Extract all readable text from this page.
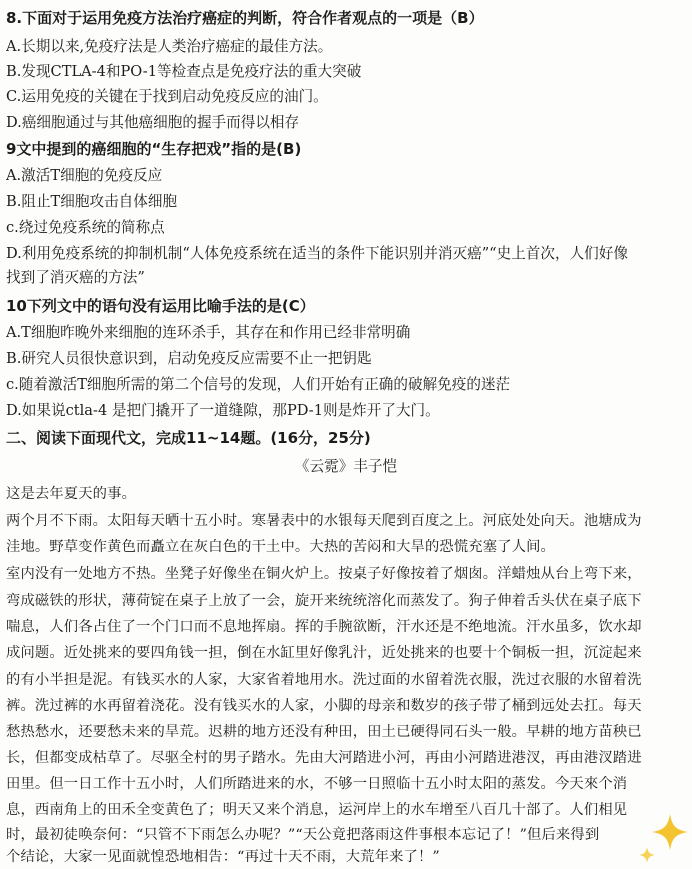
8.下面对于运用免疫方法治疗癌症的判断，符合作者观点的一项是（B）
A.长期以来,免疫疗法是人类治疗癌症的最佳方法。
B.发现CTLA-4和PO-1等检查点是免疫疗法的重大突破
C.运用免疫的关键在于找到启动免疫反应的油门。
D.癌细胞通过与其他癌细胞的握手而得以相存
9文中提到的癌细胞的“生存把戏”指的是(B)
A.激活T细胞的免疫反应
B.阻止T细胞攻击自体细胞
c.绕过免疫系统的简称点
D.利用免疫系统的抑制机制“人体免疫系统在适当的条件下能识别并消灭癌”“史上首次，人们好像
找到了消灭癌的方法”
10下列文中的语句没有运用比喻手法的是(C）
A.T细胞昨晚外来细胞的连环杀手，其存在和作用已经非常明确
B.研究人员很快意识到，启动免疫反应需要不止一把钥匙
c.随着激活T细胞所需的第二个信号的发现，人们开始有正确的破解免疫的迷茫
D.如果说ctla-4 是把门撬开了一道缝隙，那PD-1则是炸开了大门。
二、阅读下面现代文，完成11~14题。(16分，25分)
《云霓》丰子恺
这是去年夏天的事。
两个月不下雨。太阳每天晒十五小时。寒暑表中的水银每天爬到百度之上。河底处处向天。池塘成为
洼地。野草变作黄色而矗立在灰白色的干土中。大热的苦闷和大旱的恐慌充塞了人间。
室内没有一处地方不热。坐凳子好像坐在铜火炉上。按桌子好像按着了烟囱。洋蜡烛从台上弯下来，
弯成磁铁的形状，薄荷锭在桌子上放了一会，旋开来统统溶化而蒸发了。狗子伸着舌头伏在桌子底下
喘息，人们各占住了一个门口而不息地挥扇。挥的手腕欲断，汗水还是不绝地流。汗水虽多，饮水却
成问题。近处挑来的要四角钱一担，倒在水缸里好像乳汁，近处挑来的也要十个铜板一担，沉淀起来
的有小半担是泥。有钱买水的人家，大家省着地用水。洗过面的水留着洗衣服，洗过衣服的水留着洗
裤。洗过裤的水再留着浇花。没有钱买水的人家，小脚的母亲和数岁的孩子带了桶到远处去扛。每天
愁热愁水，还要愁未来的旱荒。迟耕的地方还没有种田，田土已硬得同石头一般。早耕的地方苗秧已
长，但都变成枯草了。尽驱全村的男子踏水。先由大河踏进小河，再由小河踏进港汊，再由港汊踏进
田里。但一日工作十五小时，人们所踏进来的水，不够一日照临十五小时太阳的蒸发。今天來个消
息，西南角上的田禾全变黄色了；明天又来个消息，运河岸上的水车增至八百几十部了。人们相见
时，最初徒唤奈何：“只管不下雨怎么办呢？”“天公竟把落雨这件事根本忘记了！”但后来得到
个结论，大家一见面就惶恐地相告：“再过十天不雨，大荒年来了！”
